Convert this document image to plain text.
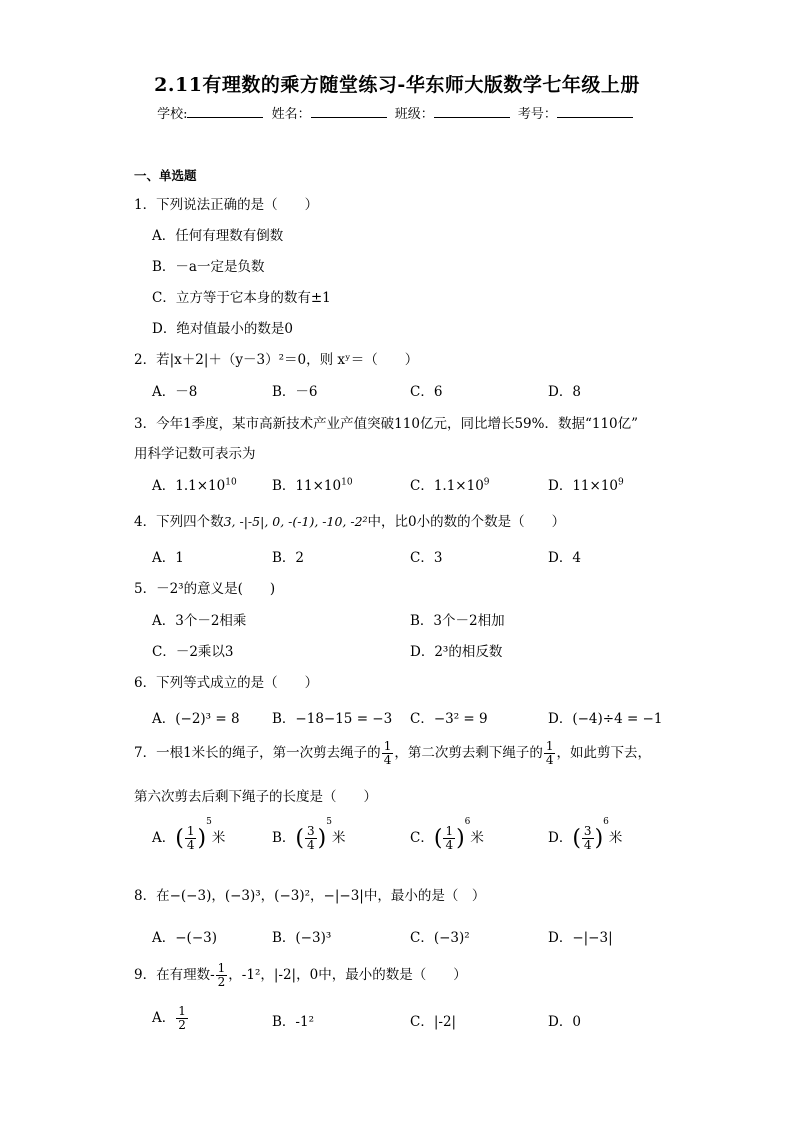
2.11有理数的乘方随堂练习-华东师大版数学七年级上册
学校:	姓名：	班级：	考号：
一、单选题
1．下列说法正确的是（　　）
A．任何有理数有倒数
B．－a一定是负数
C．立方等于它本身的数有±1
D．绝对值最小的数是0
2．若|x＋2|＋（y－3）²＝0，则 xʸ＝（　　）
A．－8	B．－6	C．6	D．8
3．今年1季度，某市高新技术产业产值突破110亿元，同比增长59%．数据“110亿”
用科学记数可表示为
A．$1.1\times 10^{10}$	B．$11\times 10^{10}$	C．$1.1\times 10^9$	D．$11\times 10^9$
4．下列四个数3, -|-5|, 0, -(-1), -10, -2²中，比0小的数的个数是（　　）
A．1	B．2	C．3	D．4
5．－2³的意义是(　　)
A．3个－2相乘	B．3个－2相加
C．－2乘以3	D．2³的相反数
6．下列等式成立的是（　　）
A．(−2)³ = 8 B．−18−15 = −3 C．−3² = 9	D．(−4)÷4 = −1
7．一根1米长的绳子，第一次剪去绳子的 $\frac{1}{4}$ ，第二次剪去剩下绳子的 $\frac{1}{4}$ ，如此剪下去，
第六次剪去后剩下绳子的长度是（　　）
A．( $\frac{1}{4} )^5$米	B．( $\frac{3}{4} )^5$米	C．( $\frac{1}{4} )^6$米	D．( $\frac{3}{4} )^6$米
8．在−(−3)，(−3)³，(−3)²，−|−3|中，最小的是（　）
A．−(−3)	B．(−3)³	C．(−3)²	D．−|−3|
9．在有理数- $\frac{1}{2}$ ，-1²，|-2|，0中，最小的数是（　　）
A． $\frac{1}{2}$	B．-1²	C．|-2|	D．0
